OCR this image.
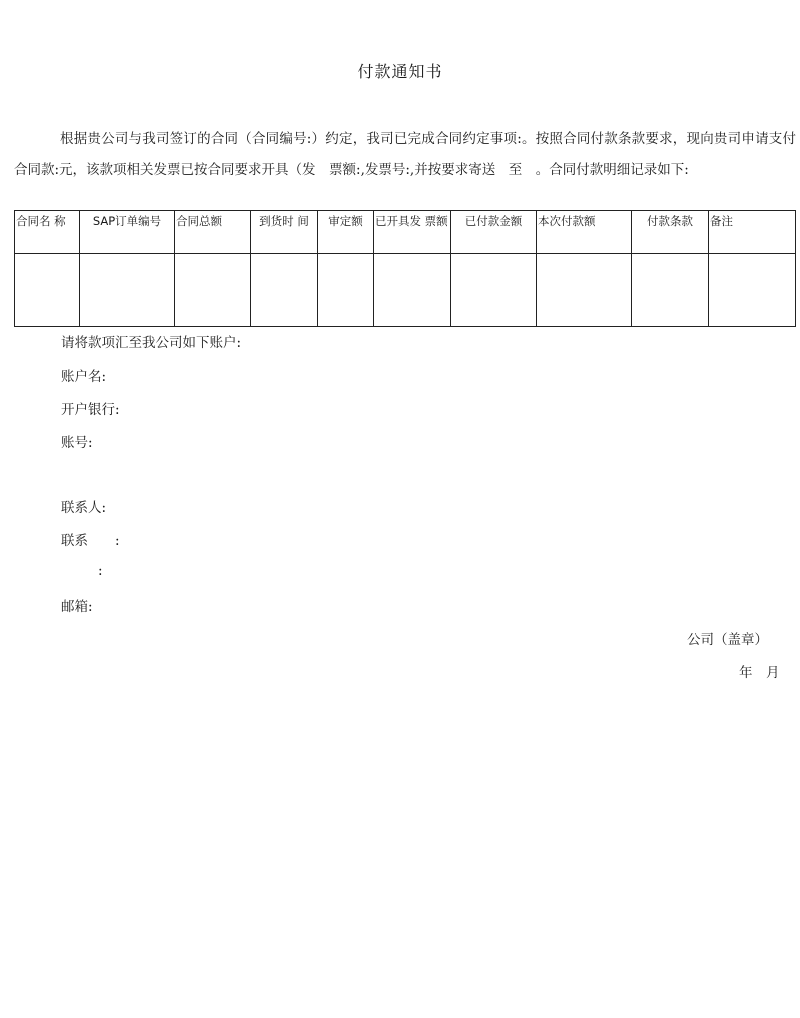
付款通知书

根据贵公司与我司签订的合同（合同编号:）约定，我司已完成合同约定事项:。按照合同付款条款要求，现向贵司申请支付合同款:元，该款项相关发票已按合同要求开具（发　票额:,发票号:,并按要求寄送　至　。合同付款明细记录如下:

合同名 称	SAP订单编号	合同总额	到货时 间	审定额	已开具发 票额	已付款金额	本次付款额	付款条款	备注

请将款项汇至我公司如下账户:
账户名:
开户银行:
账号:
联系人:
联系　　:
:
邮箱:
公司（盖章）
年　月
